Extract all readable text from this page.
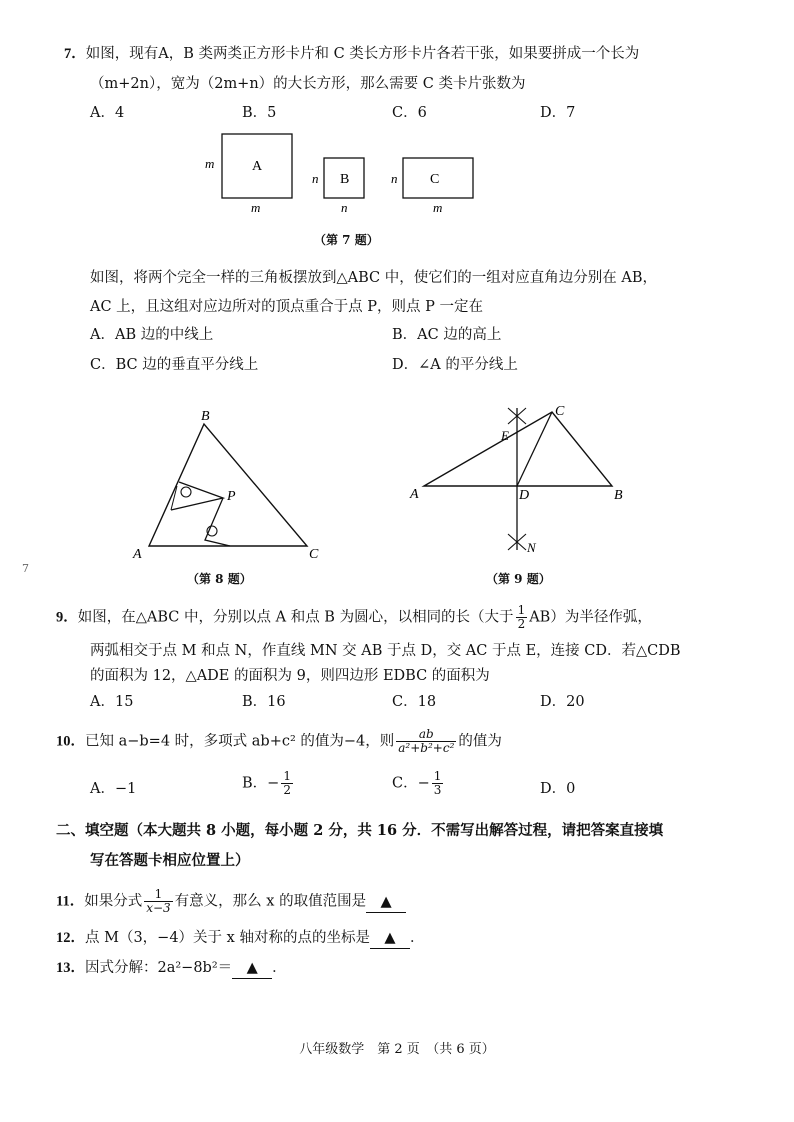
7．如图，现有A，B 类两类正方形卡片和 C 类长方形卡片各若干张，如果要拼成一个长为
（m+2n），宽为（2m+n）的大长方形，那么需要 C 类卡片张数为
A．4	B．5	C．6	D．7
A
m
m
B
n
n
C
n
m
（第 7 题）
如图，将两个完全一样的三角板摆放到△ABC 中，使它们的一组对应直角边分别在 AB，
AC 上，且这组对应边所对的顶点重合于点 P，则点 P 一定在
A．AB 边的中线上	B．AC 边的高上
C．BC 边的垂直平分线上	D．∠A 的平分线上
B
A	C
P
（第 8 题）
C
E
A	D	B
N
（第 9 题）
7
9．如图，在△ABC 中，分别以点 A 和点 B 为圆心，以相同的长（大于 $\frac{1}{2} AB$）为半径作弧，
两弧相交于点 M 和点 N，作直线 MN 交 AB 于点 D，交 AC 于点 E，连接 CD．若△CDB
的面积为 12，△ADE 的面积为 9，则四边形 EDBC 的面积为
A．15	B．16	C．18	D．20
10．已知 a−b=4 时，多项式 ab+c² 的值为−4，则 $\frac{ab}{\text{a²+b²+c²}}$ 的值为
A．−1	B．− $\frac{1}{2}$	C．− $\frac{1}{3}$	D．0
二、填空题（本大题共 8 小题，每小题 2 分，共 16 分．不需写出解答过程，请把答案直接填
写在答题卡相应位置上）
11．如果分式 $\frac{1}{x-3}$ 有意义，那么 x 的取值范围是 ▲
12．点 M（3，−4）关于 x 轴对称的点的坐标是 ▲ ．
13．因式分解：2a²−8b²＝ ▲ ．
八年级数学　第 2 页　（共 6 页）
